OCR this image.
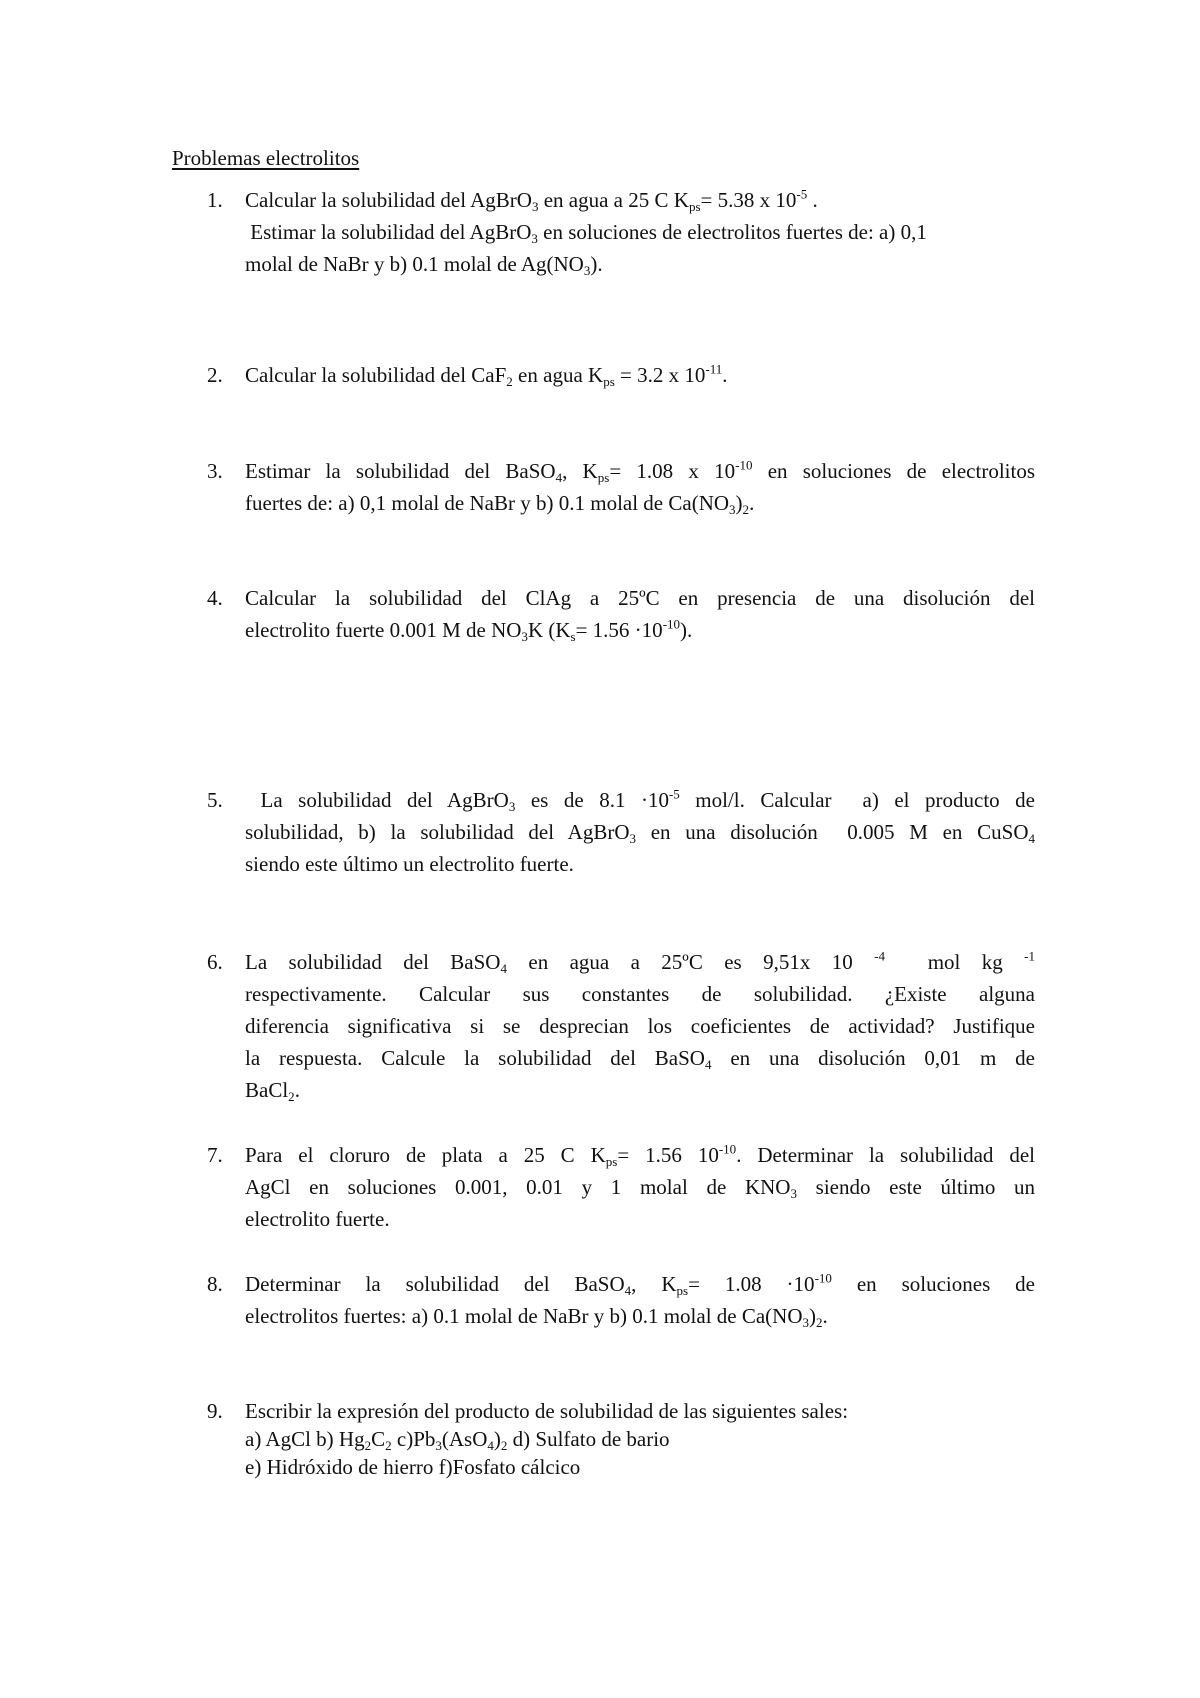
Problemas electrolitos
1.	Calcular la solubilidad del AgBrO$_3$ en agua a 25 C $K_{ps}= 5.38$ x $10^{-5}$ .
Estimar la solubilidad del AgBrO$_3$ en soluciones de electrolitos fuertes de: a) 0,1
molal de NaBr y b) 0.1 molal de $Ag(NO_3)$.
2.	Calcular la solubilidad del CaF$_2$ en agua $K_{ps} = 3.2$ x $10^{-11}$.
3.	Estimar la solubilidad del BaSO$_4$, $K_{ps}= 1.08$ x $10^{-10}$ en soluciones de electrolitos
fuertes de: a) 0,1 molal de NaBr y b) 0.1 molal de $Ca(NO_3)_2$.
4.	Calcular la solubilidad del ClAg a 25ºC en presencia de una disolución del
electrolito fuerte 0.001 M de $NO_3K$ $(K_s= 1.56 \cdot 10^{-10})$.
5.	La solubilidad del AgBrO$_3$ es de $8.1 \cdot 10^{-5}$ mol/l. Calcular  a) el producto de
solubilidad, b) la solubilidad del AgBrO$_3$ en una disolución  0.005 M en CuSO$_4$
siendo este último un electrolito fuerte.
6.	La solubilidad del BaSO$_4$ en agua a 25ºC es 9,51x 10 $^{-4}$  mol kg $^{-1}$
respectivamente. Calcular sus constantes de solubilidad. ¿Existe alguna
diferencia significativa si se desprecian los coeficientes de actividad? Justifique
la respuesta. Calcule la solubilidad del BaSO$_4$ en una disolución 0,01 m de
BaCl$_2$.
7.	Para el cloruro de plata a 25 C $K_{ps}= 1.56$ $10^{-10}$. Determinar la solubilidad del
AgCl en soluciones 0.001, 0.01 y 1 molal de $KNO_3$ siendo este último un
electrolito fuerte.
8.	Determinar la solubilidad del BaSO$_4$, $K_{ps}= 1.08 \cdot 10^{-10}$ en soluciones de
electrolitos fuertes: a) 0.1 molal de NaBr y b) 0.1 molal de $Ca(NO_3)_2$.
9.	Escribir la expresión del producto de solubilidad de las siguientes sales:
a) AgCl b) $Hg_2C_2$ $c)Pb_3(AsO_4)_2$ d) Sulfato de bario
e) Hidróxido de hierro f)Fosfato cálcico
